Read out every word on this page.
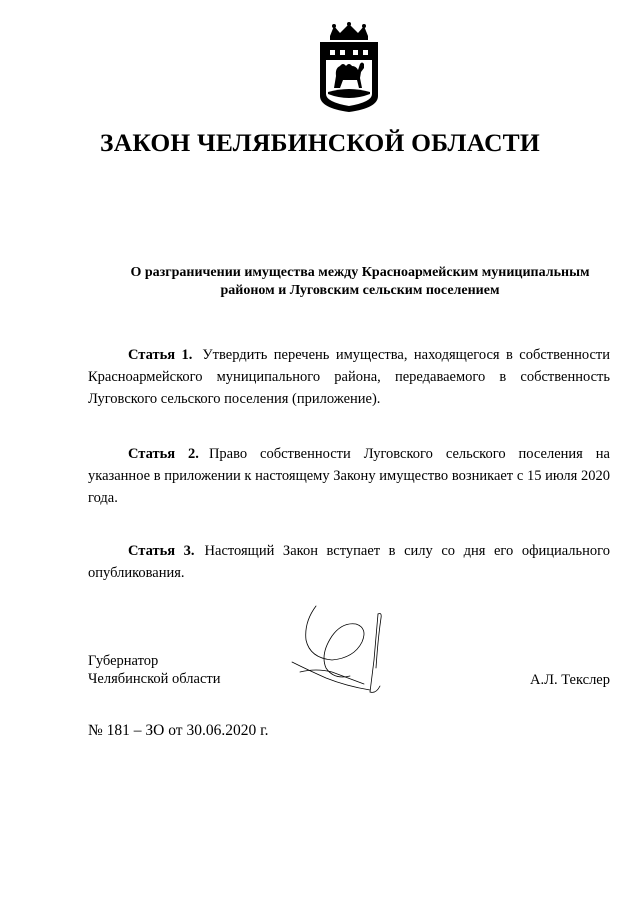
ЗАКОН ЧЕЛЯБИНСКОЙ ОБЛАСТИ
О разграничении имущества между Красноармейским муниципальным
районом и Луговским сельским поселением
Статья 1. Утвердить перечень имущества, находящегося в собственности Красноармейского муниципального района, передаваемого в собственность Луговского сельского поселения (приложение).
Статья 2. Право собственности Луговского сельского поселения на указанное в приложении к настоящему Закону имущество возникает с 15 июля 2020 года.
Статья 3. Настоящий Закон вступает в силу со дня его официального опубликования.
Губернатор
Челябинской области	А.Л. Текслер
№ 181 – ЗО от 30.06.2020 г.
